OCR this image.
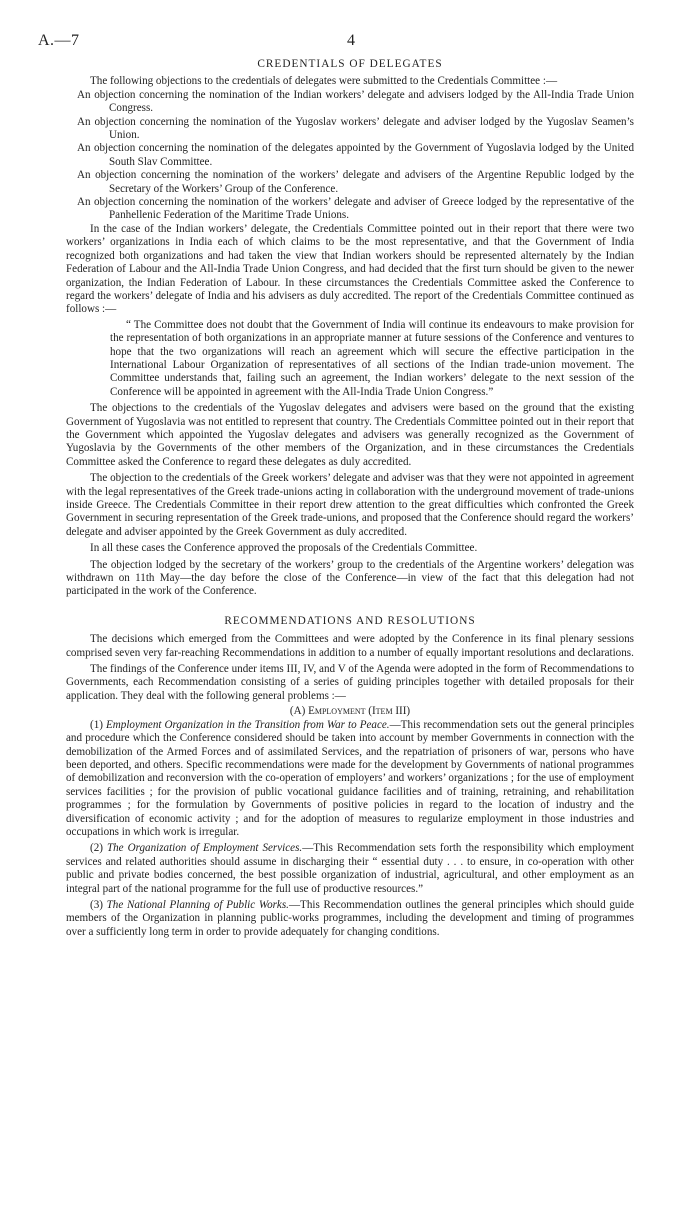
A.—7	4
CREDENTIALS OF DELEGATES

The following objections to the credentials of delegates were submitted to the Credentials Committee :—

An objection concerning the nomination of the Indian workers’ delegate and advisers lodged by the All-India Trade Union Congress.
An objection concerning the nomination of the Yugoslav workers’ delegate and adviser lodged by the Yugoslav Seamen’s Union.
An objection concerning the nomination of the delegates appointed by the Government of Yugoslavia lodged by the United South Slav Committee.
An objection concerning the nomination of the workers’ delegate and advisers of the Argentine Republic lodged by the Secretary of the Workers’ Group of the Conference.
An objection concerning the nomination of the workers’ delegate and adviser of Greece lodged by the representative of the Panhellenic Federation of the Maritime Trade Unions.

In the case of the Indian workers’ delegate, the Credentials Committee pointed out in their report that there were two workers’ organizations in India each of which claims to be the most representative, and that the Government of India recognized both organizations and had taken the view that Indian workers should be represented alternately by the Indian Federation of Labour and the All-India Trade Union Congress, and had decided that the first turn should be given to the newer organization, the Indian Federation of Labour. In these circumstances the Credentials Committee asked the Conference to regard the workers’ delegate of India and his advisers as duly accredited. The report of the Credentials Committee continued as follows :—

“ The Committee does not doubt that the Government of India will continue its endeavours to make provision for the representation of both organizations in an appropriate manner at future sessions of the Conference and ventures to hope that the two organizations will reach an agreement which will secure the effective participation in the International Labour Organization of representatives of all sections of the Indian trade-union movement. The Committee understands that, failing such an agreement, the Indian workers’ delegate to the next session of the Conference will be appointed in agreement with the All-India Trade Union Congress.”

The objections to the credentials of the Yugoslav delegates and advisers were based on the ground that the existing Government of Yugoslavia was not entitled to represent that country. The Credentials Committee pointed out in their report that the Government which appointed the Yugoslav delegates and advisers was generally recognized as the Government of Yugoslavia by the Governments of the other members of the Organization, and in these circumstances the Credentials Committee asked the Conference to regard these delegates as duly accredited.

The objection to the credentials of the Greek workers’ delegate and adviser was that they were not appointed in agreement with the legal representatives of the Greek trade-unions acting in collaboration with the underground movement of trade-unions inside Greece. The Credentials Committee in their report drew attention to the great difficulties which confronted the Greek Government in securing representation of the Greek trade-unions, and proposed that the Conference should regard the workers’ delegate and adviser appointed by the Greek Government as duly accredited.

In all these cases the Conference approved the proposals of the Credentials Committee.

The objection lodged by the secretary of the workers’ group to the credentials of the Argentine workers’ delegation was withdrawn on 11th May—the day before the close of the Conference—in view of the fact that this delegation had not participated in the work of the Conference.

RECOMMENDATIONS AND RESOLUTIONS

The decisions which emerged from the Committees and were adopted by the Conference in its final plenary sessions comprised seven very far-reaching Recommendations in addition to a number of equally important resolutions and declarations.

The findings of the Conference under items III, IV, and V of the Agenda were adopted in the form of Recommendations to Governments, each Recommendation consisting of a series of guiding principles together with detailed proposals for their application. They deal with the following general problems :—

(A) Employment (Item III)

(1) Employment Organization in the Transition from War to Peace.—This recommendation sets out the general principles and procedure which the Conference considered should be taken into account by member Governments in connection with the demobilization of the Armed Forces and of assimilated Services, and the repatriation of prisoners of war, persons who have been deported, and others. Specific recommendations were made for the development by Governments of national programmes of demobilization and reconversion with the co-operation of employers’ and workers’ organizations ; for the use of employment services facilities ; for the provision of public vocational guidance facilities and of training, retraining, and rehabilitation programmes ; for the formulation by Governments of positive policies in regard to the location of industry and the diversification of economic activity ; and for the adoption of measures to regularize employment in those industries and occupations in which work is irregular.

(2) The Organization of Employment Services.—This Recommendation sets forth the responsibility which employment services and related authorities should assume in discharging their “ essential duty . . . to ensure, in co-operation with other public and private bodies concerned, the best possible organization of industrial, agricultural, and other employment as an integral part of the national programme for the full use of productive resources.”

(3) The National Planning of Public Works.—This Recommendation outlines the general principles which should guide members of the Organization in planning public-works programmes, including the development and timing of programmes over a sufficiently long term in order to provide adequately for changing conditions.
